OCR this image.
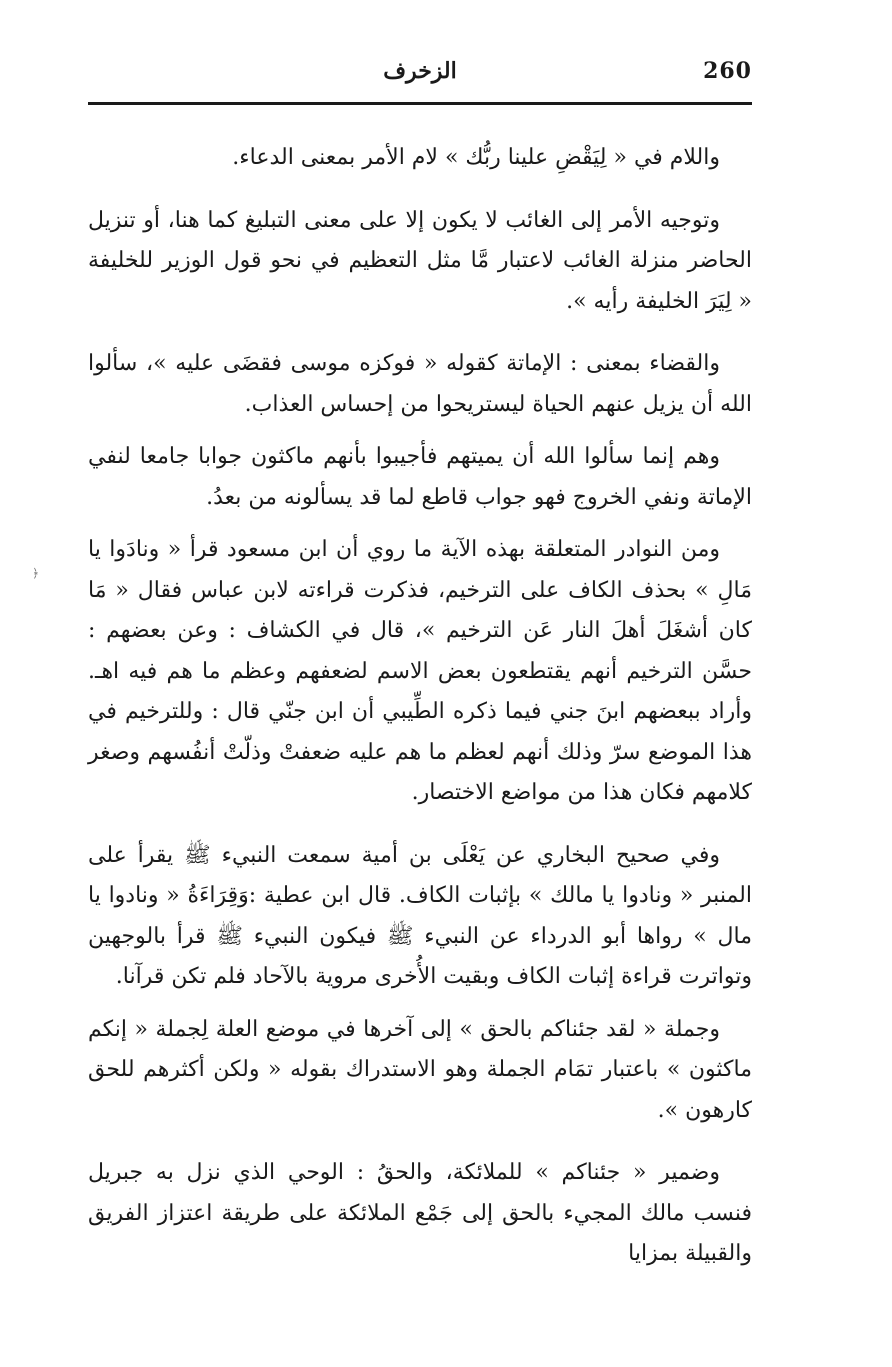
260
الزخرف
﴿

واللام في « لِيَقْضِ علينا ربُّك » لام الأمر بمعنى الدعاء.

وتوجيه الأمر إلى الغائب لا يكون إلا على معنى التبليغ كما هنا، أو تنزيل الحاضر منزلة الغائب لاعتبار مَّا مثل التعظيم في نحو قول الوزير للخليفة « لِيَرَ الخليفة رأيه ».

والقضاء بمعنى : الإماتة كقوله « فوكزه موسى فقضَى عليه »، سألوا الله أن يزيل عنهم الحياة ليستريحوا من إحساس العذاب.

وهم إنما سألوا الله أن يميتهم فأجيبوا بأنهم ماكثون جوابا جامعا لنفي الإماتة ونفي الخروج فهو جواب قاطع لما قد يسألونه من بعدُ.

ومن النوادر المتعلقة بهذه الآية ما روي أن ابن مسعود قرأ « ونادَوا يا مَالِ » بحذف الكاف على الترخيم، فذكرت قراءته لابن عباس فقال « مَا كان أشغَلَ أهلَ النار عَن الترخيم »، قال في الكشاف : وعن بعضهم : حسَّن الترخيم أنهم يقتطعون بعض الاسم لضعفهم وعظم ما هم فيه اهـ. وأراد ببعضهم ابنَ جني فيما ذكره الطِّيبي أن ابن جنّي قال : وللترخيم في هذا الموضع سرّ وذلك أنهم لعظم ما هم عليه ضعفتْ وذلّتْ أنفُسهم وصغر كلامهم فكان هذا من مواضع الاختصار.

وفي صحيح البخاري عن يَعْلَى بن أمية سمعت النبيء ﷺ يقرأ على المنبر « ونادوا يا مالك » بإثبات الكاف. قال ابن عطية :وَقِرَاءَةُ « ونادوا يا مال » رواها أبو الدرداء عن النبيء ﷺ فيكون النبيء ﷺ قرأ بالوجهين وتواترت قراءة إثبات الكاف وبقيت الأُخرى مروية بالآحاد فلم تكن قرآنا.

وجملة « لقد جئناكم بالحق » إلى آخرها في موضع العلة لِجملة « إنكم ماكثون » باعتبار تمَام الجملة وهو الاستدراك بقوله « ولكن أكثرهم للحق كارهون ».

وضمير « جئناكم » للملائكة، والحقُ : الوحي الذي نزل به جبريل فنسب مالك المجيء بالحق إلى جَمْع الملائكة على طريقة اعتزاز الفريق والقبيلة بمزايا
